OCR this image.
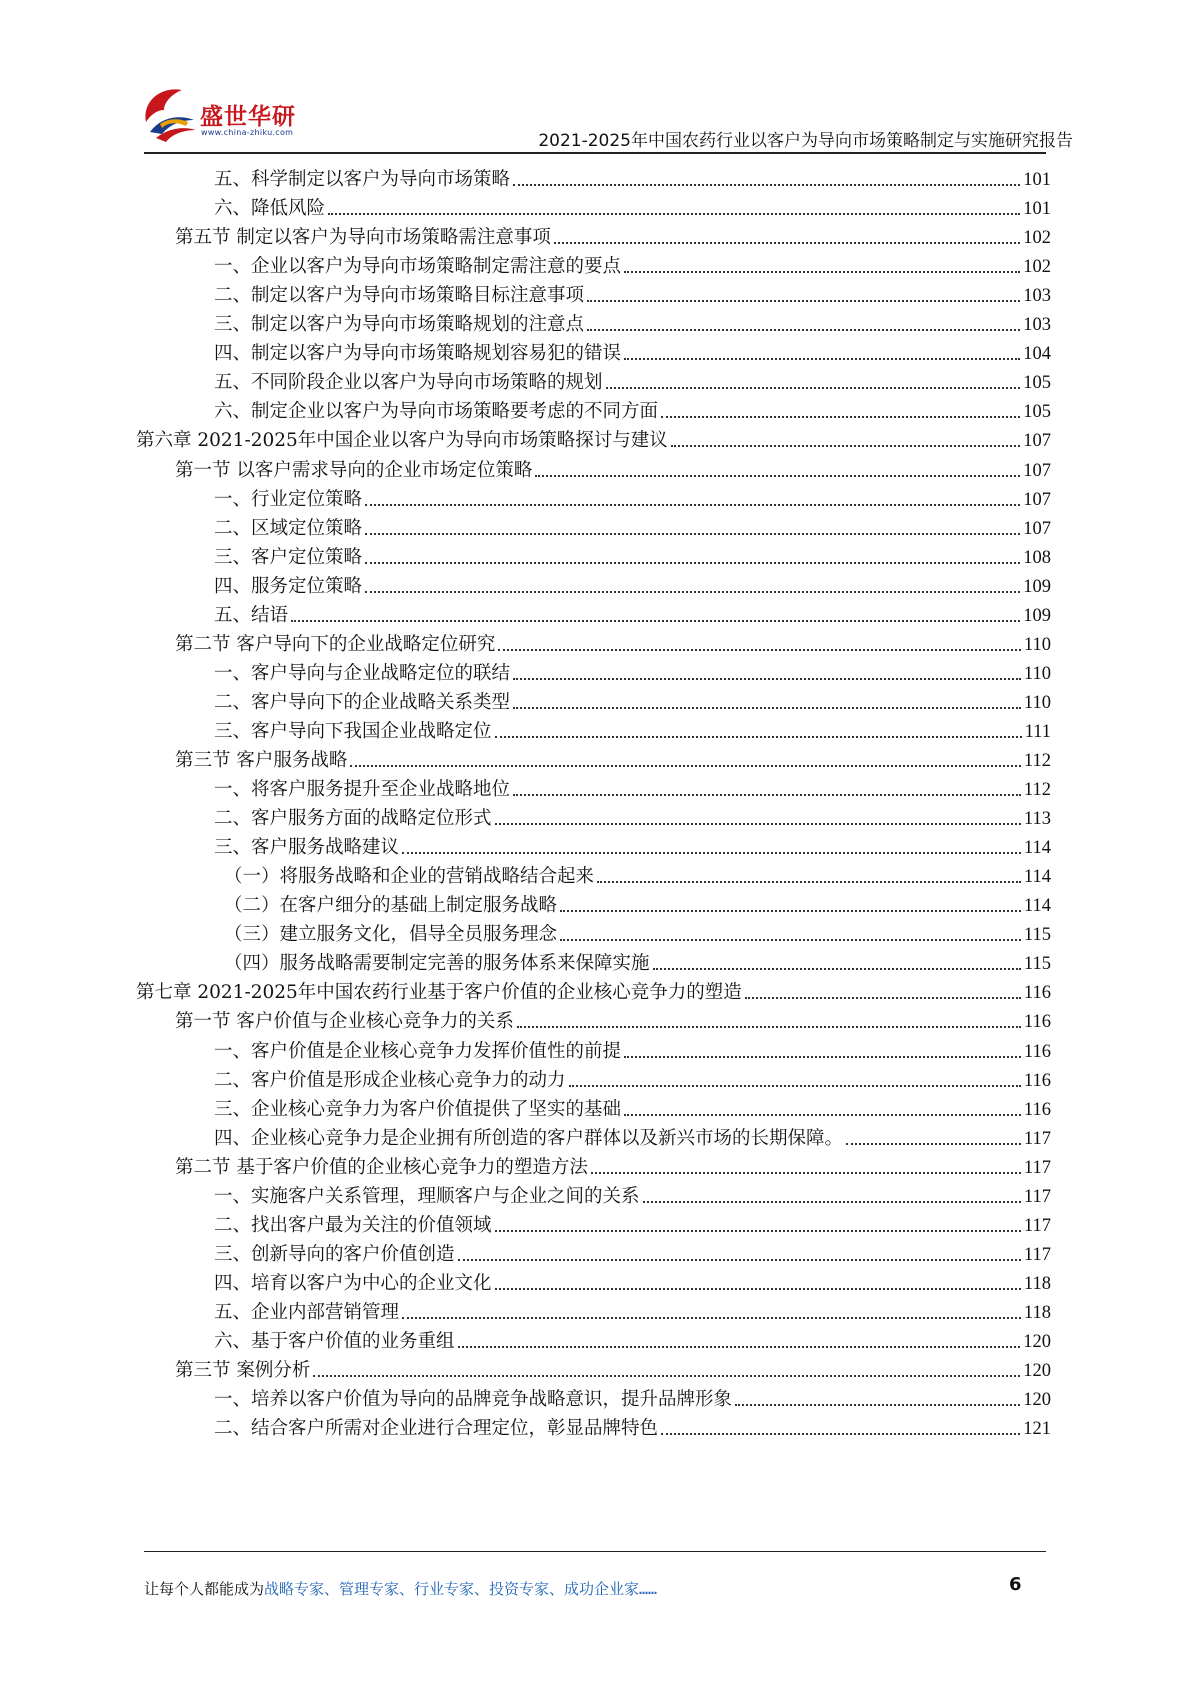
盛世华研
www.china-zhiku.com	2021-2025年中国农药行业以客户为导向市场策略制定与实施研究报告
五、科学制定以客户为导向市场策略	101
六、降低风险	101
第五节 制定以客户为导向市场策略需注意事项	102
一、企业以客户为导向市场策略制定需注意的要点	102
二、制定以客户为导向市场策略目标注意事项	103
三、制定以客户为导向市场策略规划的注意点	103
四、制定以客户为导向市场策略规划容易犯的错误	104
五、不同阶段企业以客户为导向市场策略的规划	105
六、制定企业以客户为导向市场策略要考虑的不同方面	105
第六章 2021-2025年中国企业以客户为导向市场策略探讨与建议	107
第一节 以客户需求导向的企业市场定位策略	107
一、行业定位策略	107
二、区域定位策略	107
三、客户定位策略	108
四、服务定位策略	109
五、结语	109
第二节 客户导向下的企业战略定位研究	110
一、客户导向与企业战略定位的联结	110
二、客户导向下的企业战略关系类型	110
三、客户导向下我国企业战略定位	111
第三节 客户服务战略	112
一、将客户服务提升至企业战略地位	112
二、客户服务方面的战略定位形式	113
三、客户服务战略建议	114
（一）将服务战略和企业的营销战略结合起来	114
（二）在客户细分的基础上制定服务战略	114
（三）建立服务文化，倡导全员服务理念	115
（四）服务战略需要制定完善的服务体系来保障实施	115
第七章 2021-2025年中国农药行业基于客户价值的企业核心竞争力的塑造	116
第一节 客户价值与企业核心竞争力的关系	116
一、客户价值是企业核心竞争力发挥价值性的前提	116
二、客户价值是形成企业核心竞争力的动力	116
三、企业核心竞争力为客户价值提供了坚实的基础	116
四、企业核心竞争力是企业拥有所创造的客户群体以及新兴市场的长期保障。	117
第二节 基于客户价值的企业核心竞争力的塑造方法	117
一、实施客户关系管理，理顺客户与企业之间的关系	117
二、找出客户最为关注的价值领域	117
三、创新导向的客户价值创造	117
四、培育以客户为中心的企业文化	118
五、企业内部营销管理	118
六、基于客户价值的业务重组	120
第三节 案例分析	120
一、培养以客户价值为导向的品牌竞争战略意识，提升品牌形象	120
二、结合客户所需对企业进行合理定位，彰显品牌特色	121
让每个人都能成为战略专家、管理专家、行业专家、投资专家、成功企业家……	6
